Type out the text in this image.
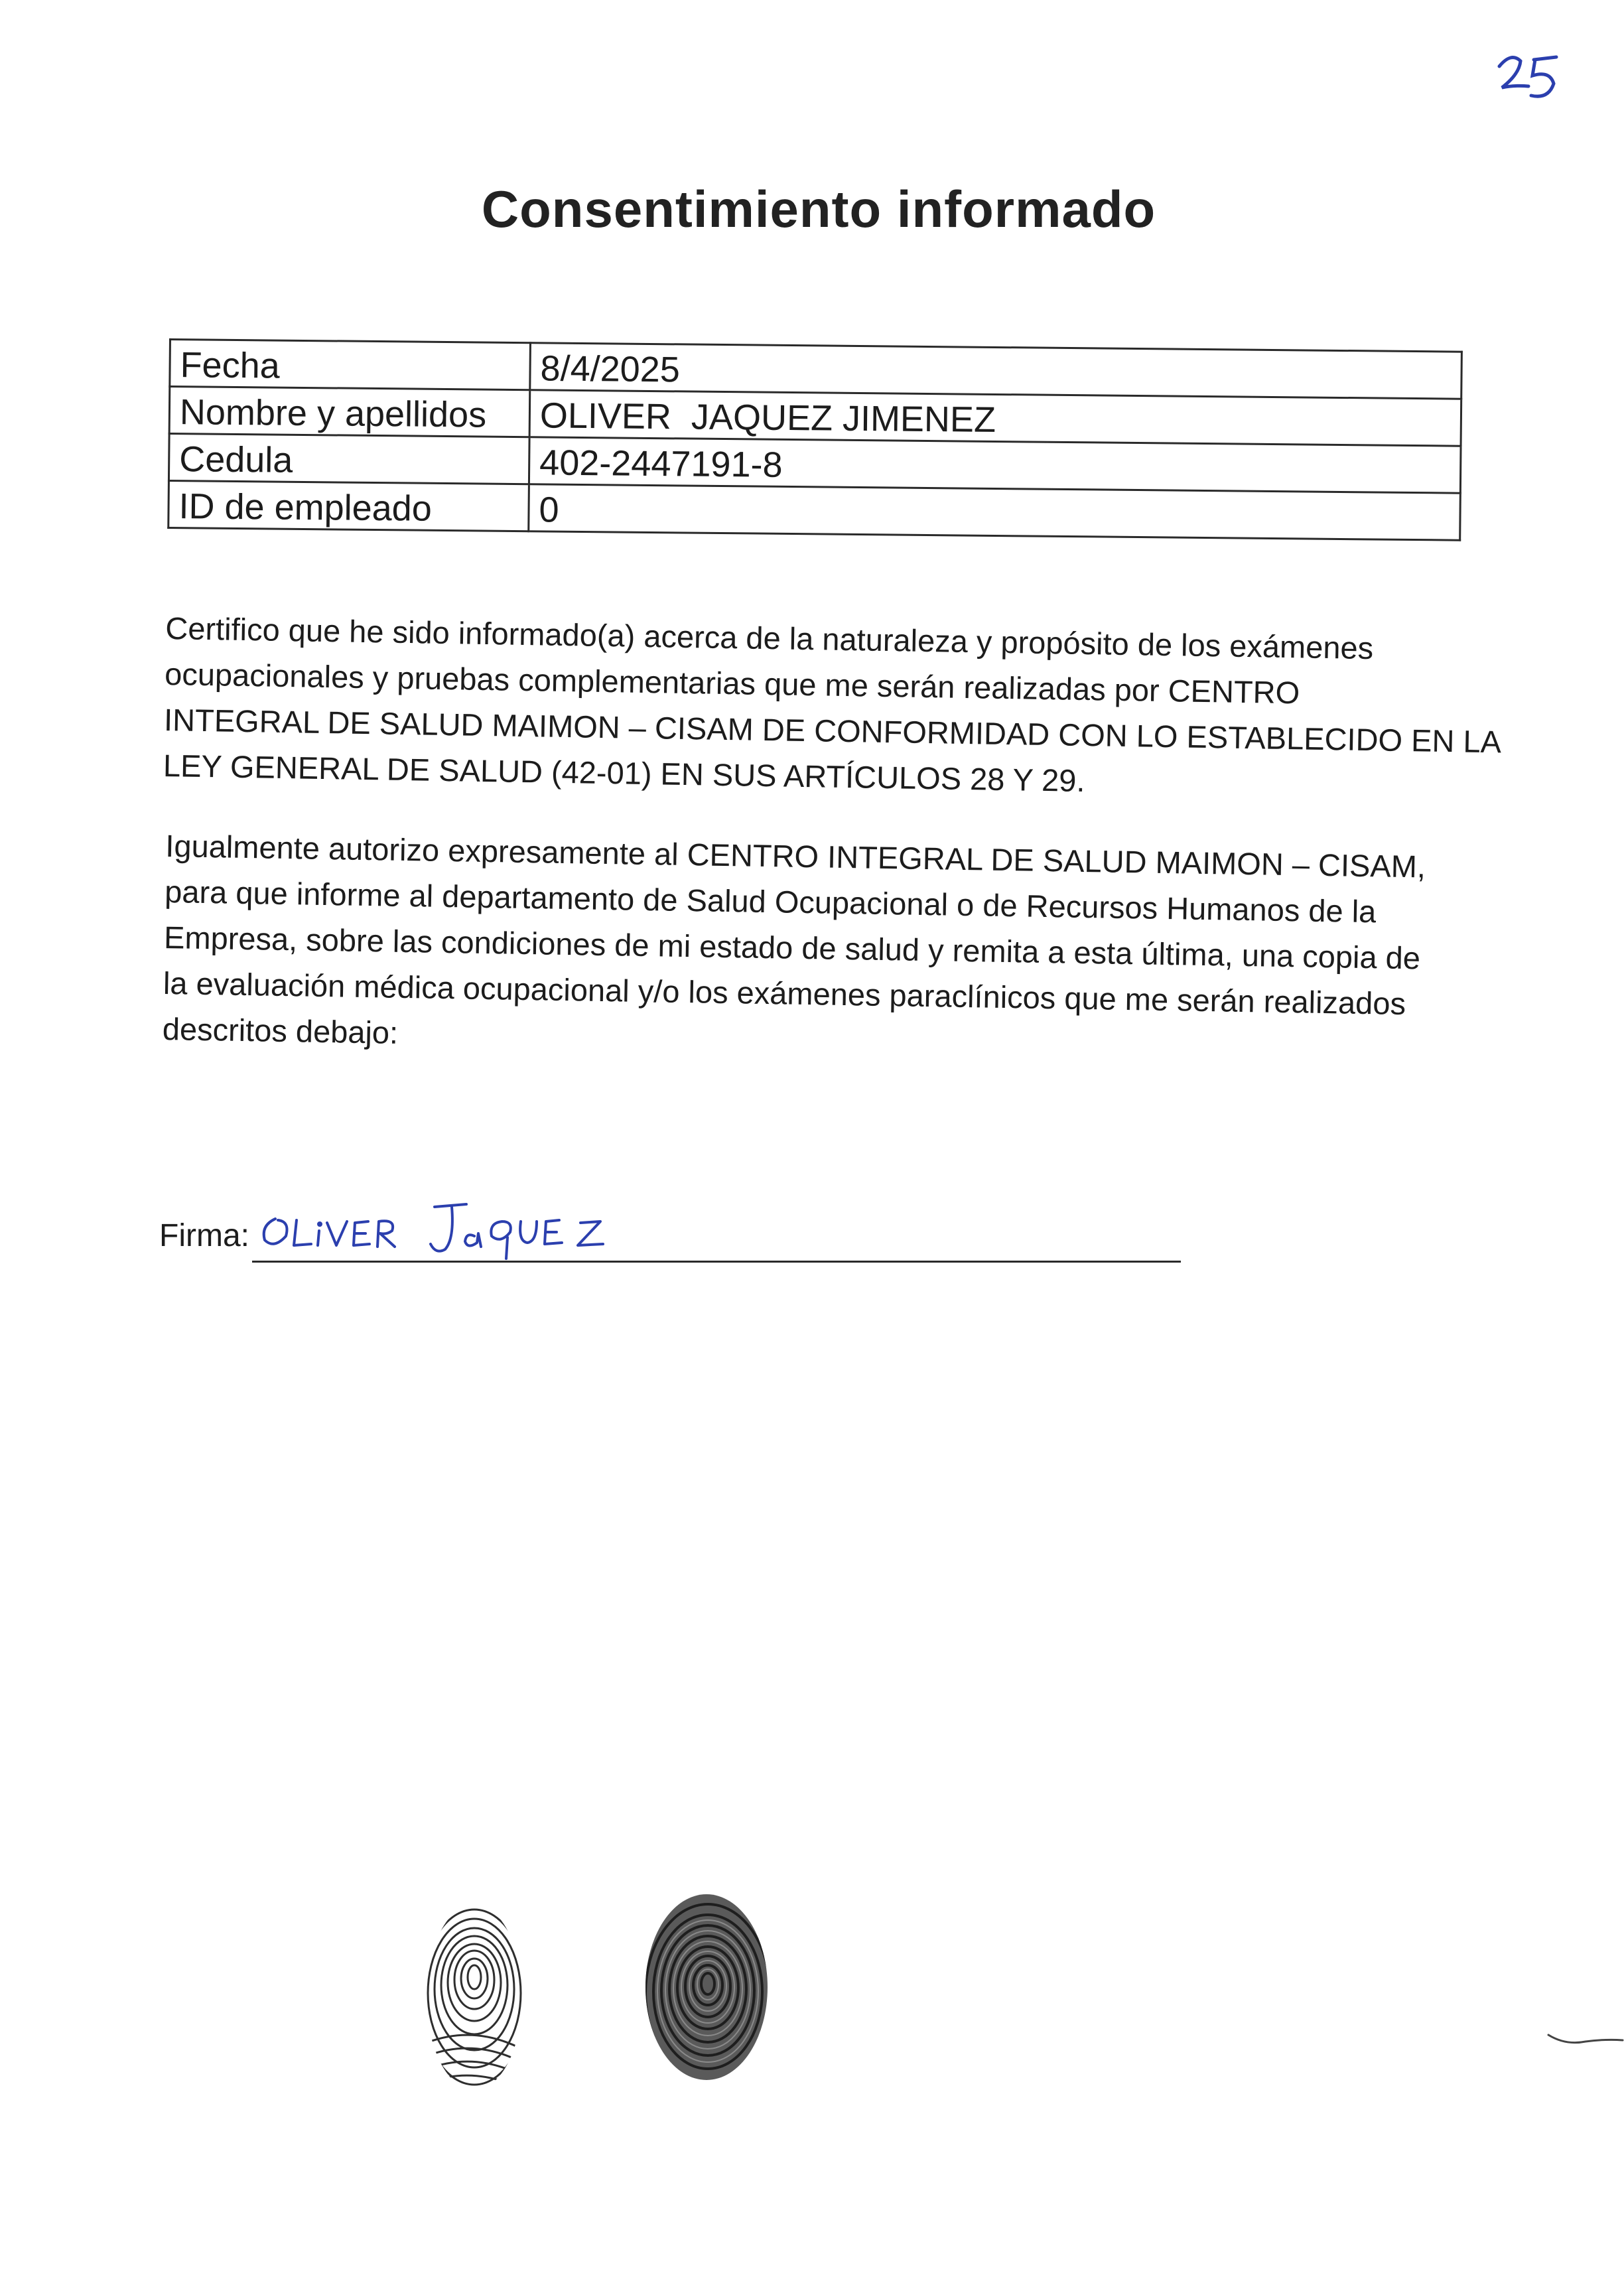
Consentimiento informado
Fecha	8/4/2025
Nombre y apellidos	OLIVER  JAQUEZ JIMENEZ
Cedula	402-2447191-8
ID de empleado	0
Certifico que he sido informado(a) acerca de la naturaleza y propósito de los exámenes
ocupacionales y pruebas complementarias que me serán realizadas por CENTRO
INTEGRAL DE SALUD MAIMON – CISAM DE CONFORMIDAD CON LO ESTABLECIDO EN LA
LEY GENERAL DE SALUD (42-01) EN SUS ARTÍCULOS 28 Y 29.
Igualmente autorizo expresamente al CENTRO INTEGRAL DE SALUD MAIMON – CISAM,
para que informe al departamento de Salud Ocupacional o de Recursos Humanos de la
Empresa, sobre las condiciones de mi estado de salud y remita a esta última, una copia de
la evaluación médica ocupacional y/o los exámenes paraclínicos que me serán realizados
descritos debajo:
Firma:
